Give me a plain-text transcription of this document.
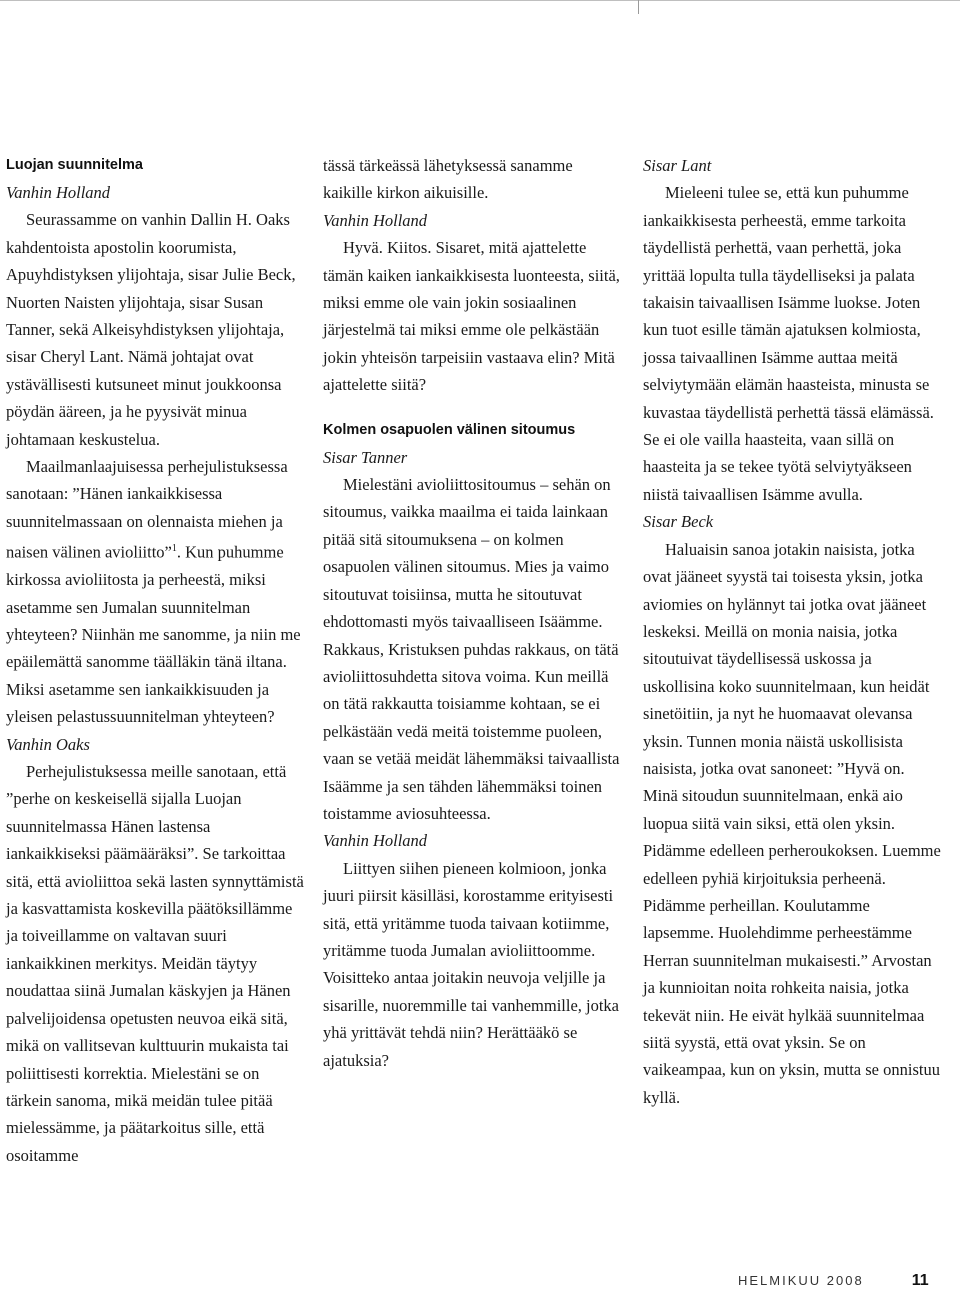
Luojan suunnitelma

Vanhin Holland

Seurassamme on vanhin Dallin H. Oaks kahdentoista apostolin koorumista, Apuyhdistyksen ylijohtaja, sisar Julie Beck, Nuorten Naisten ylijohtaja, sisar Susan Tanner, sekä Alkeisyhdistyksen ylijohtaja, sisar Cheryl Lant. Nämä johtajat ovat ystävällisesti kutsuneet minut joukkoonsa pöydän ääreen, ja he pyysivät minua johtamaan keskustelua.

Maailmanlaajuisessa perhejulistuksessa sanotaan: ”Hänen iankaikkisessa suunnitelmassaan on olennaista miehen ja naisen välinen avioliitto”$^1$. Kun puhumme kirkossa avioliitosta ja perheestä, miksi asetamme sen Jumalan suunnitelman yhteyteen? Niinhän me sanomme, ja niin me epäilemättä sanomme täälläkin tänä iltana. Miksi asetamme sen iankaikkisuuden ja yleisen pelastussuunnitelman yhteyteen?

Vanhin Oaks

Perhejulistuksessa meille sanotaan, että ”perhe on keskeisellä sijalla Luojan suunnitelmassa Hänen lastensa iankaikkiseksi päämääräksi”. Se tarkoittaa sitä, että avioliittoa sekä lasten synnyttämistä ja kasvattamista koskevilla päätöksillämme ja toiveillamme on valtavan suuri iankaikkinen merkitys. Meidän täytyy noudattaa siinä Jumalan käskyjen ja Hänen palvelijoidensa opetusten neuvoa eikä sitä, mikä on vallitsevan kulttuurin mukaista tai poliittisesti korrektia. Mielestäni se on tärkein sanoma, mikä meidän tulee pitää mielessämme, ja päätarkoitus sille, että osoitamme

tässä tärkeässä lähetyksessä sanamme kaikille kirkon aikuisille.

Vanhin Holland

Hyvä. Kiitos. Sisaret, mitä ajattelette tämän kaiken iankaikkisesta luonteesta, siitä, miksi emme ole vain jokin sosiaalinen järjestelmä tai miksi emme ole pelkästään jokin yhteisön tarpeisiin vastaava elin? Mitä ajattelette siitä?

Kolmen osapuolen välinen sitoumus

Sisar Tanner

Mielestäni avioliittositoumus – sehän on sitoumus, vaikka maailma ei taida lainkaan pitää sitä sitoumuksena – on kolmen osapuolen välinen sitoumus. Mies ja vaimo sitoutuvat toisiinsa, mutta he sitoutuvat ehdottomasti myös taivaalliseen Isäämme. Rakkaus, Kristuksen puhdas rakkaus, on tätä avioliittosuhdetta sitova voima. Kun meillä on tätä rakkautta toisiamme kohtaan, se ei pelkästään vedä meitä toistemme puoleen, vaan se vetää meidät lähemmäksi taivaallista Isäämme ja sen tähden lähemmäksi toinen toistamme aviosuhteessa.

Vanhin Holland

Liittyen siihen pieneen kolmioon, jonka juuri piirsit käsilläsi, korostamme erityisesti sitä, että yritämme tuoda taivaan kotiimme, yritämme tuoda Jumalan avioliittoomme. Voisitteko antaa joitakin neuvoja veljille ja sisarille, nuoremmille tai vanhemmille, jotka yhä yrittävät tehdä niin? Herättääkö se ajatuksia?

Sisar Lant

Mieleeni tulee se, että kun puhumme iankaikkisesta perheestä, emme tarkoita täydellistä perhettä, vaan perhettä, joka yrittää lopulta tulla täydelliseksi ja palata takaisin taivaallisen Isämme luokse. Joten kun tuot esille tämän ajatuksen kolmiosta, jossa taivaallinen Isämme auttaa meitä selviytymään elämän haasteista, minusta se kuvastaa täydellistä perhettä tässä elämässä. Se ei ole vailla haasteita, vaan sillä on haasteita ja se tekee työtä selviytyäkseen niistä taivaallisen Isämme avulla.

Sisar Beck

Haluaisin sanoa jotakin naisista, jotka ovat jääneet syystä tai toisesta yksin, jotka aviomies on hylännyt tai jotka ovat jääneet leskeksi. Meillä on monia naisia, jotka sitoutuivat täydellisessä uskossa ja uskollisina koko suunnitelmaan, kun heidät sinetöitiin, ja nyt he huomaavat olevansa yksin. Tunnen monia näistä uskollisista naisista, jotka ovat sanoneet: ”Hyvä on. Minä sitoudun suunnitelmaan, enkä aio luopua siitä vain siksi, että olen yksin. Pidämme edelleen perheroukoksen. Luemme edelleen pyhiä kirjoituksia perheenä. Pidämme perheillan. Koulutamme lapsemme. Huolehdimme perheestämme Herran suunnitelman mukaisesti.” Arvostan ja kunnioitan noita rohkeita naisia, jotka tekevät niin. He eivät hylkää suunnitelmaa siitä syystä, että ovat yksin. Se on vaikeampaa, kun on yksin, mutta se onnistuu kyllä.

HELMIKUU 2008	11
